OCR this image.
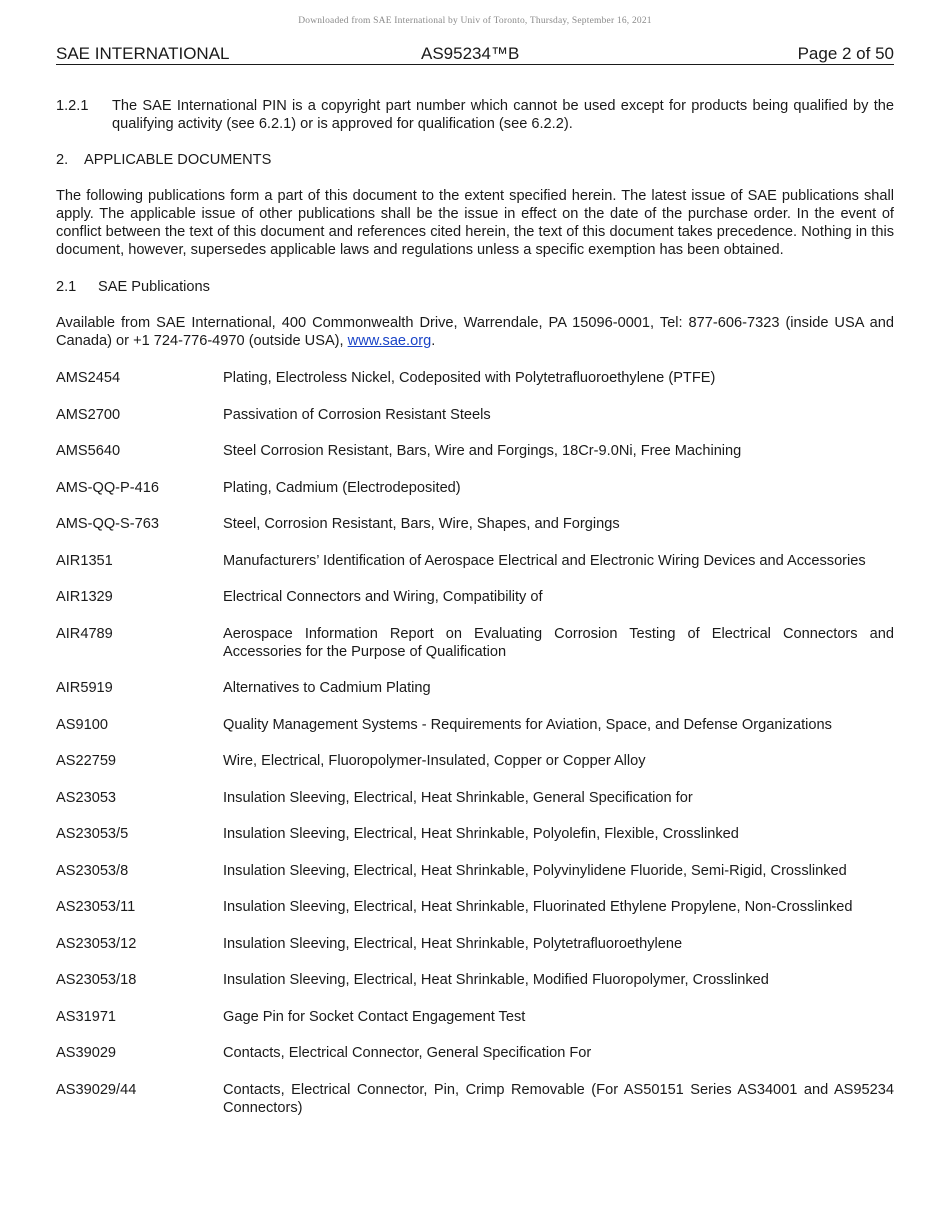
Downloaded from SAE International by Univ of Toronto, Thursday, September 16, 2021
SAE INTERNATIONAL	AS95234™B	Page 2 of 50
1.2.1	The SAE International PIN is a copyright part number which cannot be used except for products being qualified by the qualifying activity (see 6.2.1) or is approved for qualification (see 6.2.2).
2. APPLICABLE DOCUMENTS
The following publications form a part of this document to the extent specified herein. The latest issue of SAE publications shall apply. The applicable issue of other publications shall be the issue in effect on the date of the purchase order. In the event of conflict between the text of this document and references cited herein, the text of this document takes precedence. Nothing in this document, however, supersedes applicable laws and regulations unless a specific exemption has been obtained.
2.1 SAE Publications
Available from SAE International, 400 Commonwealth Drive, Warrendale, PA 15096-0001, Tel: 877-606-7323 (inside USA and Canada) or +1 724-776-4970 (outside USA), www.sae.org.
AMS2454	Plating, Electroless Nickel, Codeposited with Polytetrafluoroethylene (PTFE)
AMS2700	Passivation of Corrosion Resistant Steels
AMS5640	Steel Corrosion Resistant, Bars, Wire and Forgings, 18Cr-9.0Ni, Free Machining
AMS-QQ-P-416	Plating, Cadmium (Electrodeposited)
AMS-QQ-S-763	Steel, Corrosion Resistant, Bars, Wire, Shapes, and Forgings
AIR1351	Manufacturers’ Identification of Aerospace Electrical and Electronic Wiring Devices and Accessories
AIR1329	Electrical Connectors and Wiring, Compatibility of
AIR4789	Aerospace Information Report on Evaluating Corrosion Testing of Electrical Connectors and Accessories for the Purpose of Qualification
AIR5919	Alternatives to Cadmium Plating
AS9100	Quality Management Systems - Requirements for Aviation, Space, and Defense Organizations
AS22759	Wire, Electrical, Fluoropolymer-Insulated, Copper or Copper Alloy
AS23053	Insulation Sleeving, Electrical, Heat Shrinkable, General Specification for
AS23053/5	Insulation Sleeving, Electrical, Heat Shrinkable, Polyolefin, Flexible, Crosslinked
AS23053/8	Insulation Sleeving, Electrical, Heat Shrinkable, Polyvinylidene Fluoride, Semi-Rigid, Crosslinked
AS23053/11	Insulation Sleeving, Electrical, Heat Shrinkable, Fluorinated Ethylene Propylene, Non-Crosslinked
AS23053/12	Insulation Sleeving, Electrical, Heat Shrinkable, Polytetrafluoroethylene
AS23053/18	Insulation Sleeving, Electrical, Heat Shrinkable, Modified Fluoropolymer, Crosslinked
AS31971	Gage Pin for Socket Contact Engagement Test
AS39029	Contacts, Electrical Connector, General Specification For
AS39029/44	Contacts, Electrical Connector, Pin, Crimp Removable (For AS50151 Series AS34001 and AS95234 Connectors)
